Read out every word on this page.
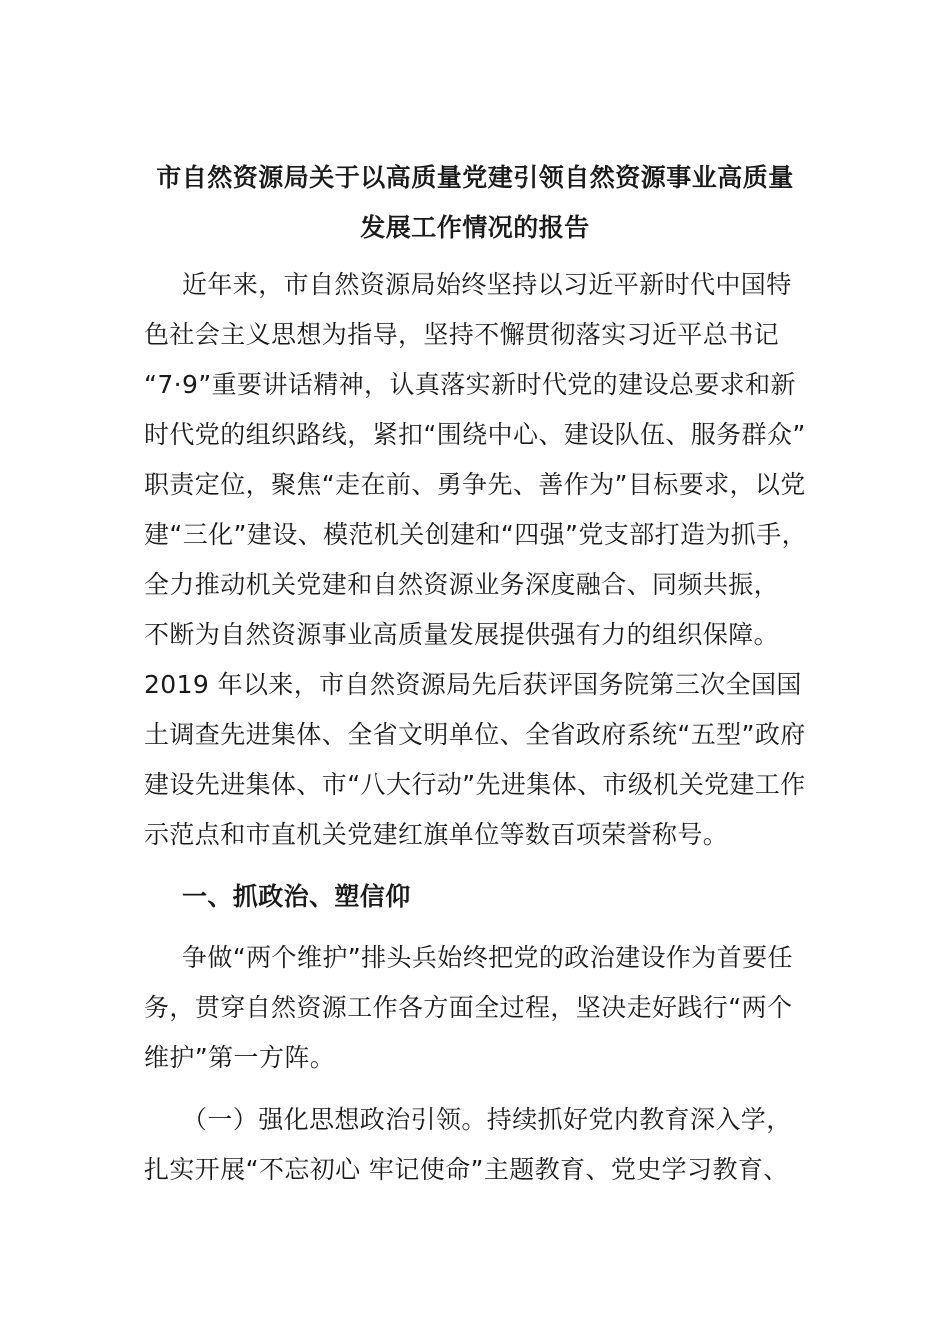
市自然资源局关于以高质量党建引领自然资源事业高质量
发展工作情况的报告
近年来，市自然资源局始终坚持以习近平新时代中国特
色社会主义思想为指导，坚持不懈贯彻落实习近平总书记
“7·9”重要讲话精神，认真落实新时代党的建设总要求和新
时代党的组织路线，紧扣“围绕中心、建设队伍、服务群众”
职责定位，聚焦“走在前、勇争先、善作为”目标要求，以党
建“三化”建设、模范机关创建和“四强”党支部打造为抓手，
全力推动机关党建和自然资源业务深度融合、同频共振，
不断为自然资源事业高质量发展提供强有力的组织保障。
2019 年以来，市自然资源局先后获评国务院第三次全国国
土调查先进集体、全省文明单位、全省政府系统“五型”政府
建设先进集体、市“八大行动”先进集体、市级机关党建工作
示范点和市直机关党建红旗单位等数百项荣誉称号。
一、抓政治、塑信仰
争做“两个维护”排头兵始终把党的政治建设作为首要任
务，贯穿自然资源工作各方面全过程，坚决走好践行“两个
维护”第一方阵。
（一）强化思想政治引领。持续抓好党内教育深入学，
扎实开展“不忘初心 牢记使命”主题教育、党史学习教育、
